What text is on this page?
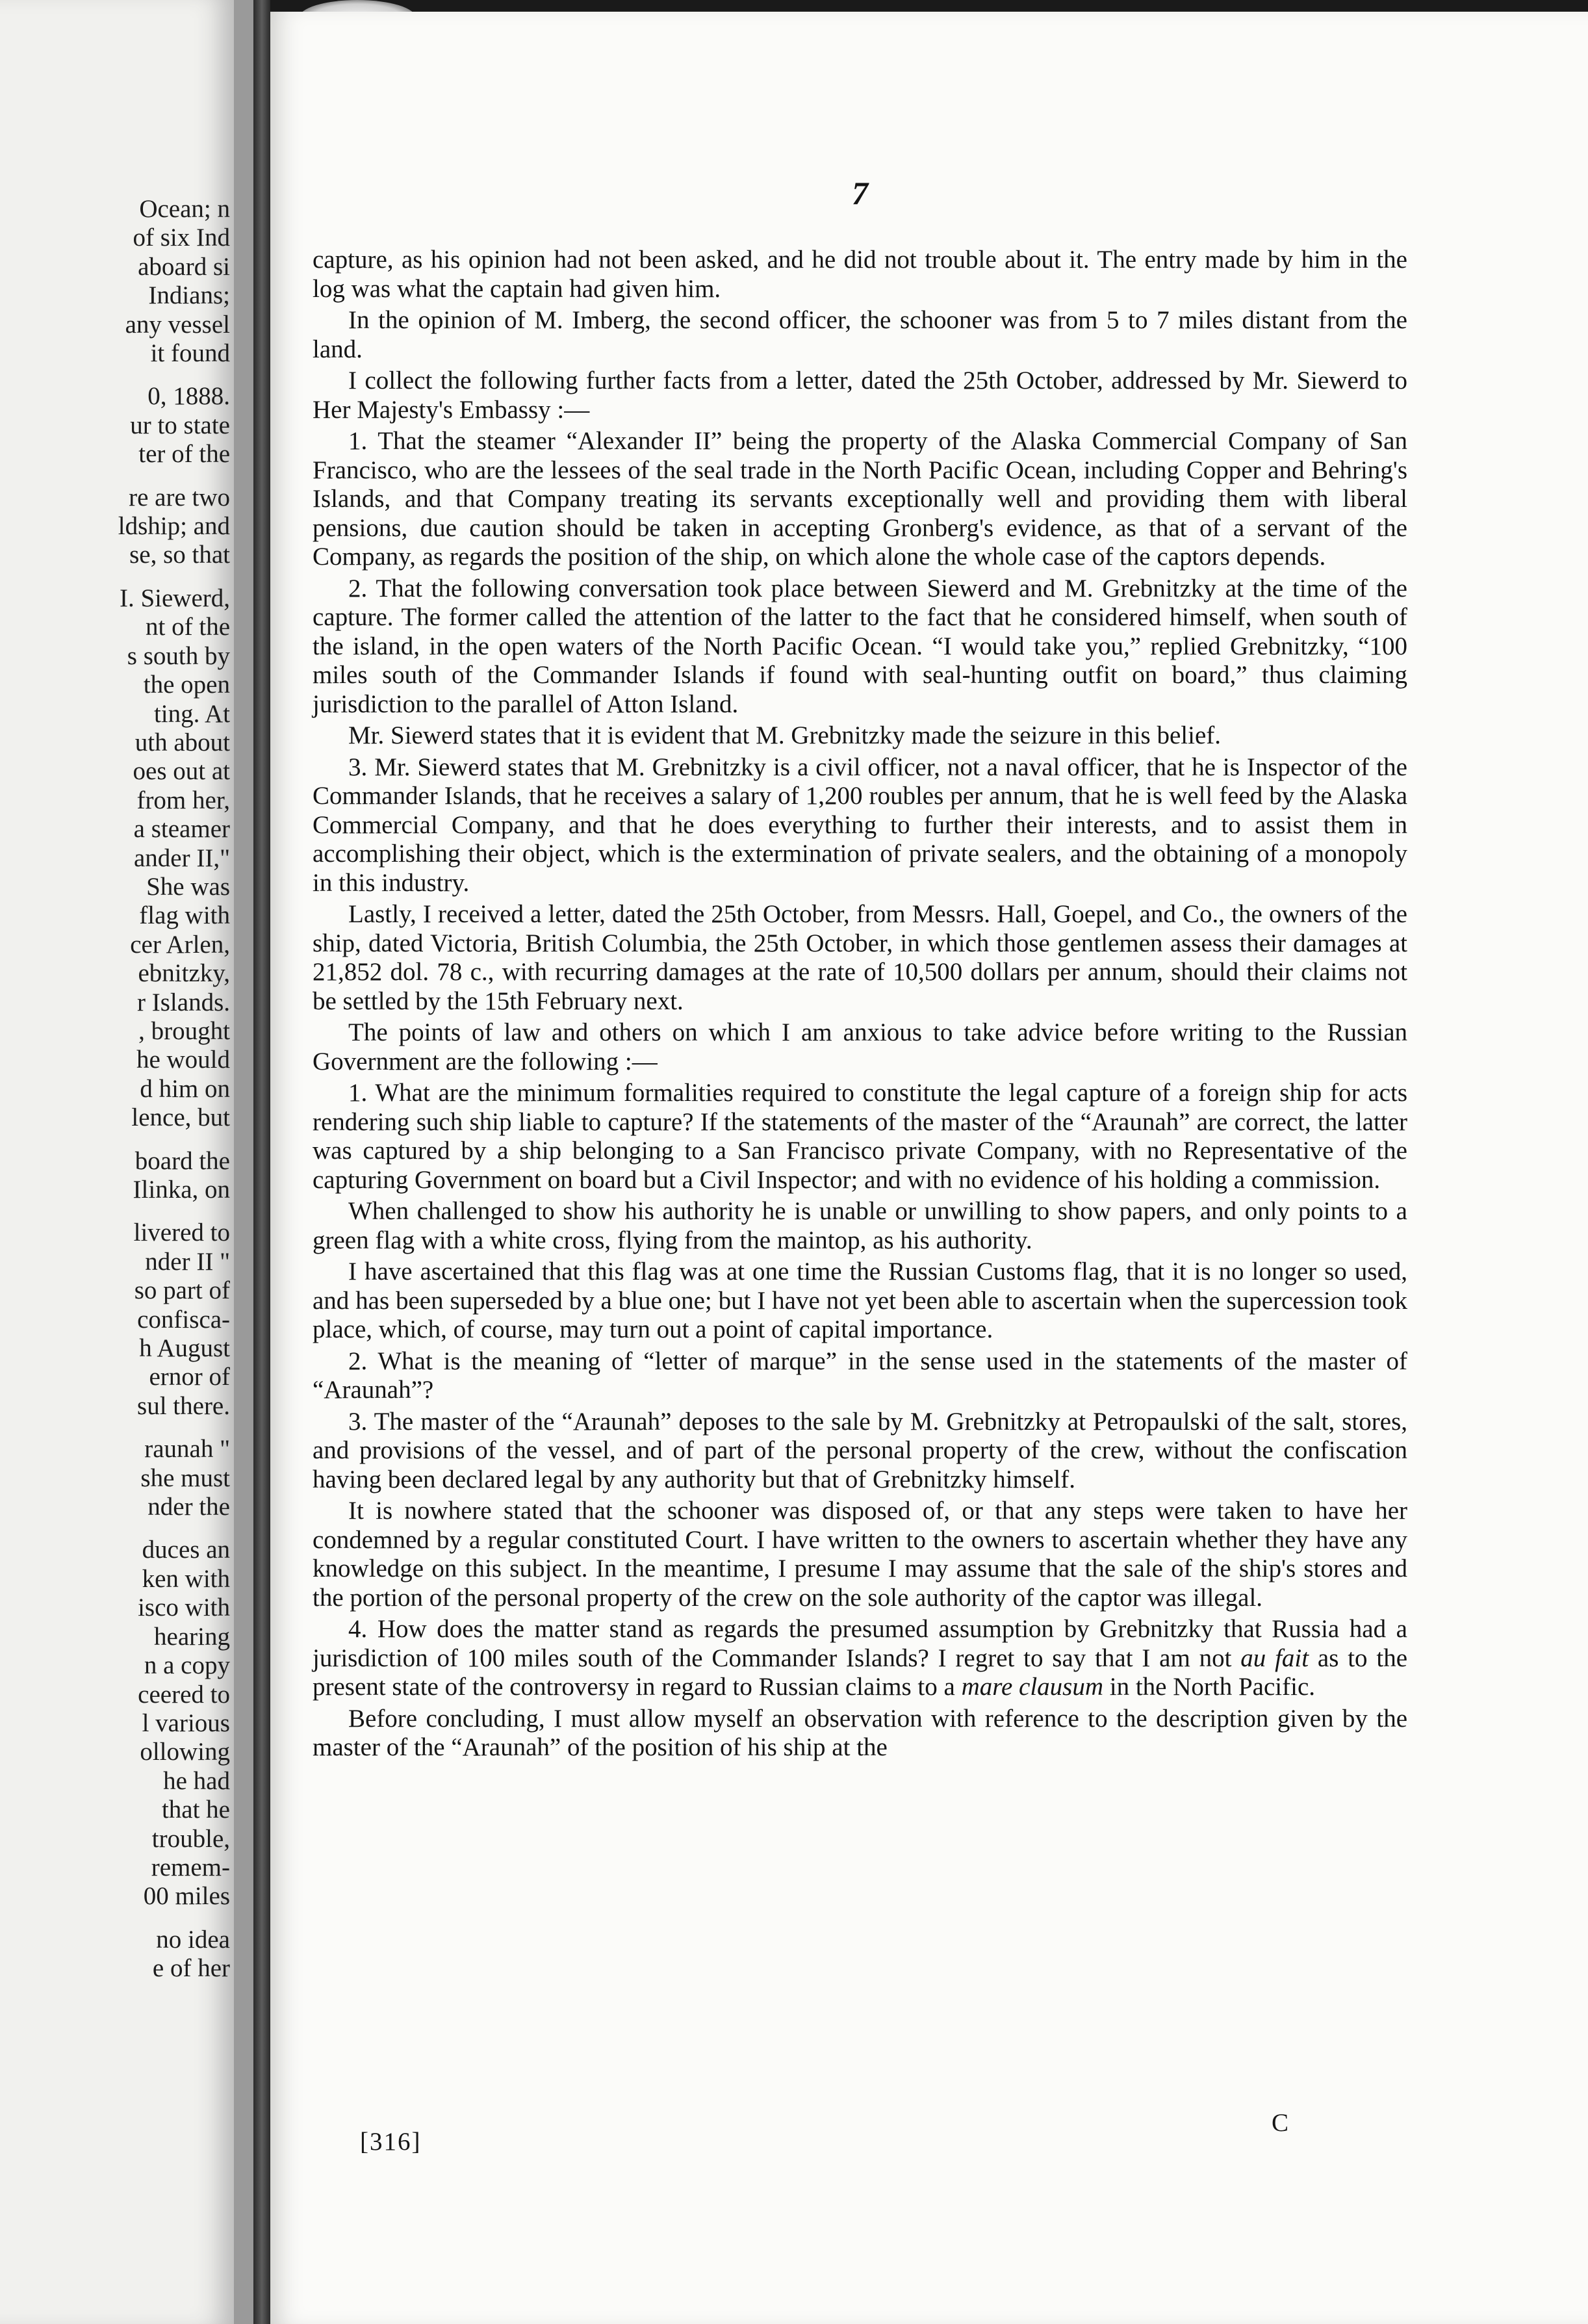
Ocean; n
of six Ind
aboard si
Indians;
any vessel
it found

0, 1888.
ur to state
ter of the

re are two
ldship; and
se, so that

I. Siewerd,
nt of the
s south by
the open
ting. At
uth about
oes out at
from her,
a steamer
ander II,"
She was
flag with
cer Arlen,
ebnitzky,
r Islands.
, brought
he would
d him on
lence, but

board the
Ilinka, on

livered to
nder II "
so part of
confisca-
h August
ernor of
sul there.

raunah "
she must
nder the

duces an
ken with
isco with
hearing
n a copy
ceered to
l various
ollowing
he had
that he
trouble,
remem-
00 miles

no idea
e of her
7

capture, as his opinion had not been asked, and he did not trouble about it. The entry made by him in the log was what the captain had given him.

In the opinion of M. Imberg, the second officer, the schooner was from 5 to 7 miles distant from the land.

I collect the following further facts from a letter, dated the 25th October, addressed by Mr. Siewerd to Her Majesty's Embassy :—

1. That the steamer “Alexander II” being the property of the Alaska Commercial Company of San Francisco, who are the lessees of the seal trade in the North Pacific Ocean, including Copper and Behring's Islands, and that Company treating its servants exceptionally well and providing them with liberal pensions, due caution should be taken in accepting Gronberg's evidence, as that of a servant of the Company, as regards the position of the ship, on which alone the whole case of the captors depends.

2. That the following conversation took place between Siewerd and M. Grebnitzky at the time of the capture. The former called the attention of the latter to the fact that he considered himself, when south of the island, in the open waters of the North Pacific Ocean. “I would take you,” replied Grebnitzky, “100 miles south of the Commander Islands if found with seal-hunting outfit on board,” thus claiming jurisdiction to the parallel of Atton Island.

Mr. Siewerd states that it is evident that M. Grebnitzky made the seizure in this belief.

3. Mr. Siewerd states that M. Grebnitzky is a civil officer, not a naval officer, that he is Inspector of the Commander Islands, that he receives a salary of 1,200 roubles per annum, that he is well feed by the Alaska Commercial Company, and that he does everything to further their interests, and to assist them in accomplishing their object, which is the extermination of private sealers, and the obtaining of a monopoly in this industry.

Lastly, I received a letter, dated the 25th October, from Messrs. Hall, Goepel, and Co., the owners of the ship, dated Victoria, British Columbia, the 25th October, in which those gentlemen assess their damages at 21,852 dol. 78 c., with recurring damages at the rate of 10,500 dollars per annum, should their claims not be settled by the 15th February next.

The points of law and others on which I am anxious to take advice before writing to the Russian Government are the following :—

1. What are the minimum formalities required to constitute the legal capture of a foreign ship for acts rendering such ship liable to capture? If the statements of the master of the “Araunah” are correct, the latter was captured by a ship belonging to a San Francisco private Company, with no Representative of the capturing Government on board but a Civil Inspector; and with no evidence of his holding a commission.

When challenged to show his authority he is unable or unwilling to show papers, and only points to a green flag with a white cross, flying from the maintop, as his authority.

I have ascertained that this flag was at one time the Russian Customs flag, that it is no longer so used, and has been superseded by a blue one; but I have not yet been able to ascertain when the supercession took place, which, of course, may turn out a point of capital importance.

2. What is the meaning of “letter of marque” in the sense used in the statements of the master of “Araunah”?

3. The master of the “Araunah” deposes to the sale by M. Grebnitzky at Petropaulski of the salt, stores, and provisions of the vessel, and of part of the personal property of the crew, without the confiscation having been declared legal by any authority but that of Grebnitzky himself.

It is nowhere stated that the schooner was disposed of, or that any steps were taken to have her condemned by a regular constituted Court. I have written to the owners to ascertain whether they have any knowledge on this subject. In the meantime, I presume I may assume that the sale of the ship's stores and the portion of the personal property of the crew on the sole authority of the captor was illegal.

4. How does the matter stand as regards the presumed assumption by Grebnitzky that Russia had a jurisdiction of 100 miles south of the Commander Islands? I regret to say that I am not au fait as to the present state of the controversy in regard to Russian claims to a mare clausum in the North Pacific.

Before concluding, I must allow myself an observation with reference to the description given by the master of the “Araunah” of the position of his ship at the

[316]
C
